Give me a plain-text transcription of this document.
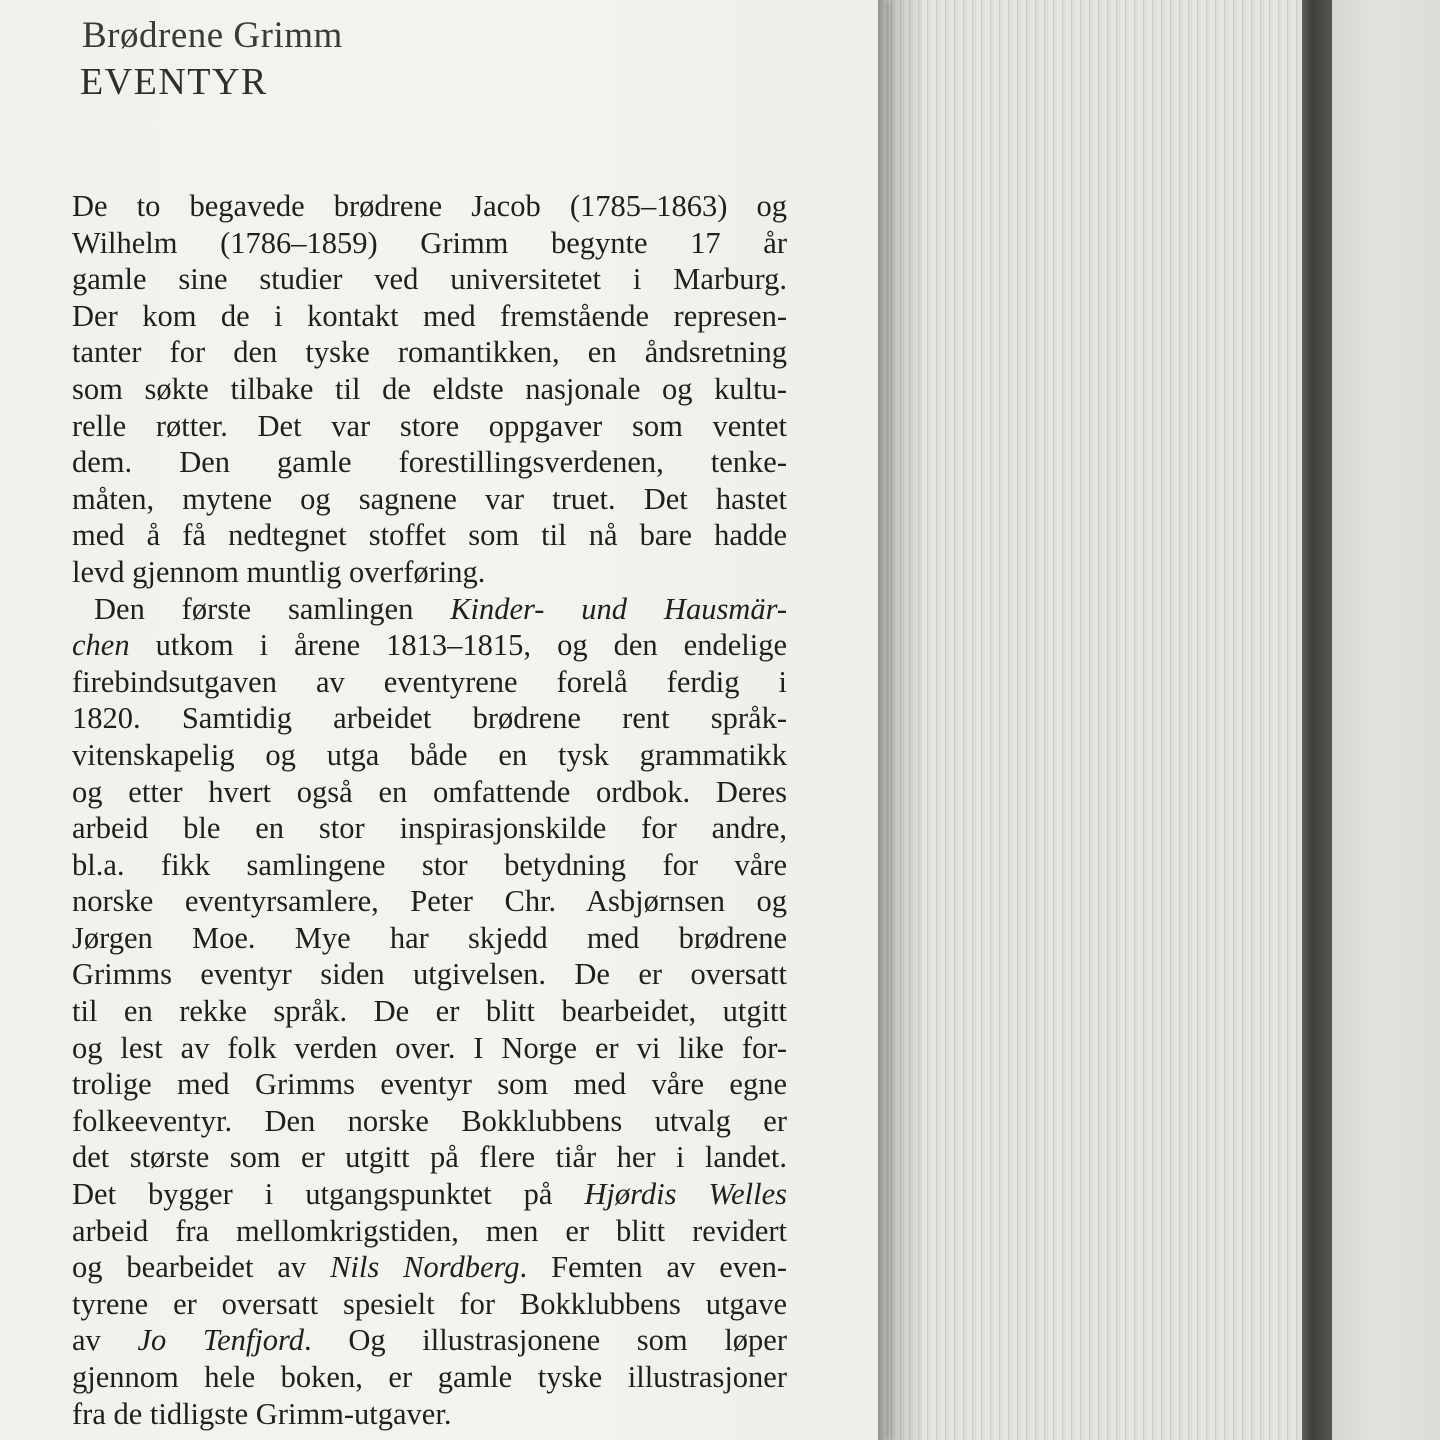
Brødrene Grimm
EVENTYR
De to begavede brødrene Jacob (1785–1863) og
Wilhelm (1786–1859) Grimm begynte 17 år
gamle sine studier ved universitetet i Marburg.
Der kom de i kontakt med fremstående represen-
tanter for den tyske romantikken, en åndsretning
som søkte tilbake til de eldste nasjonale og kultu-
relle røtter. Det var store oppgaver som ventet
dem. Den gamle forestillingsverdenen, tenke-
måten, mytene og sagnene var truet. Det hastet
med å få nedtegnet stoffet som til nå bare hadde
levd gjennom muntlig overføring.
Den første samlingen Kinder- und Hausmär-
chen utkom i årene 1813–1815, og den endelige
firebindsutgaven av eventyrene forelå ferdig i
1820. Samtidig arbeidet brødrene rent språk-
vitenskapelig og utga både en tysk grammatikk
og etter hvert også en omfattende ordbok. Deres
arbeid ble en stor inspirasjonskilde for andre,
bl.a. fikk samlingene stor betydning for våre
norske eventyrsamlere, Peter Chr. Asbjørnsen og
Jørgen Moe. Mye har skjedd med brødrene
Grimms eventyr siden utgivelsen. De er oversatt
til en rekke språk. De er blitt bearbeidet, utgitt
og lest av folk verden over. I Norge er vi like for-
trolige med Grimms eventyr som med våre egne
folkeeventyr. Den norske Bokklubbens utvalg er
det største som er utgitt på flere tiår her i landet.
Det bygger i utgangspunktet på Hjørdis Welles
arbeid fra mellomkrigstiden, men er blitt revidert
og bearbeidet av Nils Nordberg. Femten av even-
tyrene er oversatt spesielt for Bokklubbens utgave
av Jo Tenfjord. Og illustrasjonene som løper
gjennom hele boken, er gamle tyske illustrasjoner
fra de tidligste Grimm-utgaver.
